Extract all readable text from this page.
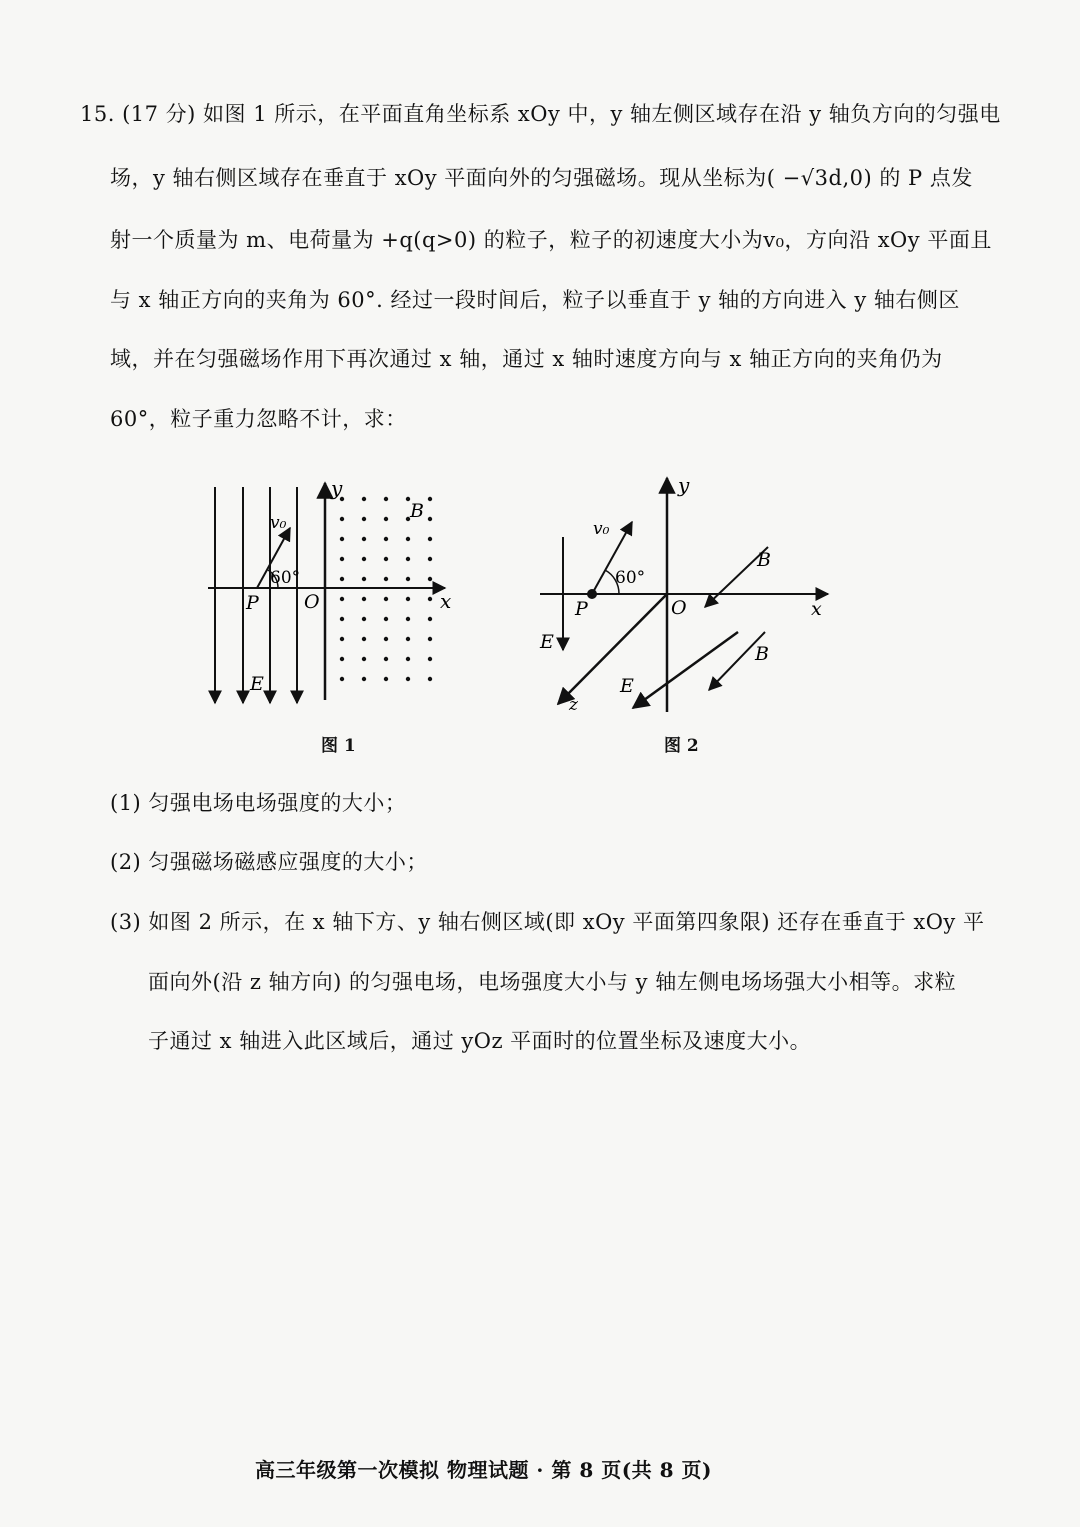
15. (17 分) 如图 1 所示，在平面直角坐标系 xOy 中，y 轴左侧区域存在沿 y 轴负方向的匀强电
场，y 轴右侧区域存在垂直于 xOy 平面向外的匀强磁场。现从坐标为( −√3d,0) 的 P 点发
射一个质量为 m、电荷量为 +q(q>0) 的粒子，粒子的初速度大小为v₀，方向沿 xOy 平面且
与 x 轴正方向的夹角为 60°. 经过一段时间后，粒子以垂直于 y 轴的方向进入 y 轴右侧区
域，并在匀强磁场作用下再次通过 x 轴，通过 x 轴时速度方向与 x 轴正方向的夹角仍为
60°，粒子重力忽略不计，求：
y
x
O
P
E
B
v₀
60°
图 1
y
x
z
O
P
E
E
B
B
v₀
60°
图 2
(1) 匀强电场电场强度的大小；
(2) 匀强磁场磁感应强度的大小；
(3) 如图 2 所示，在 x 轴下方、y 轴右侧区域(即 xOy 平面第四象限) 还存在垂直于 xOy 平
面向外(沿 z 轴方向) 的匀强电场，电场强度大小与 y 轴左侧电场场强大小相等。求粒
子通过 x 轴进入此区域后，通过 yOz 平面时的位置坐标及速度大小。
高三年级第一次模拟 物理试题 · 第 8 页(共 8 页)
